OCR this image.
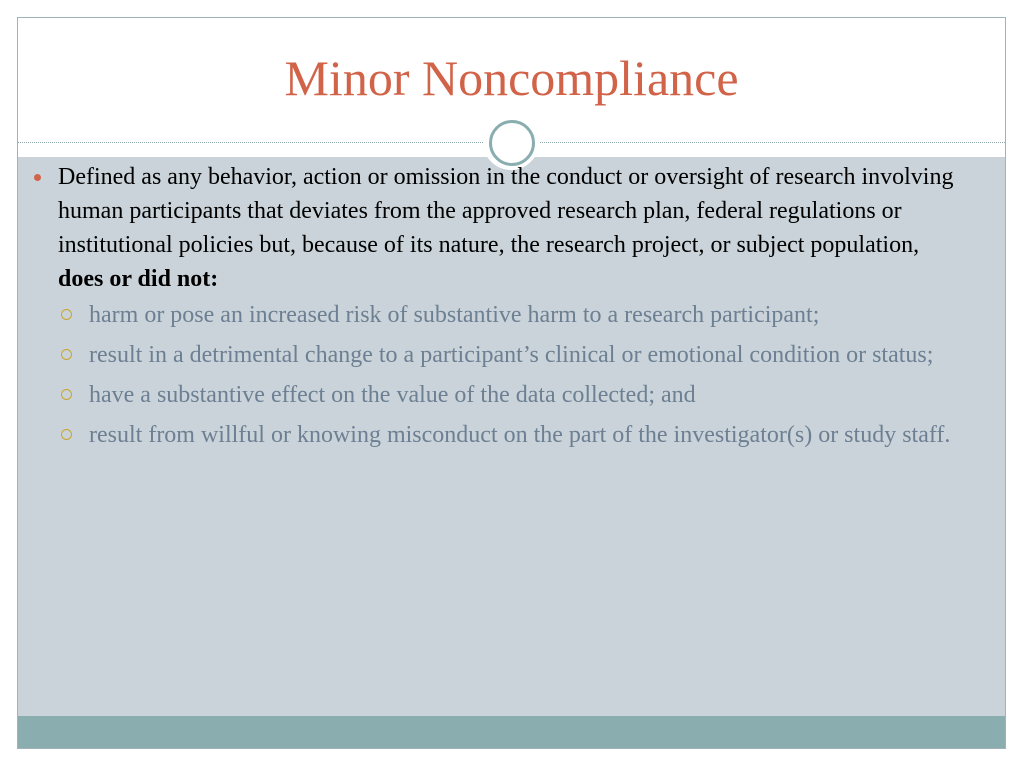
Minor Noncompliance
Defined as any behavior, action or omission in the conduct or oversight of research involving human participants that deviates from the approved research plan, federal regulations or institutional policies but, because of its nature, the research project, or subject population, does or did not:
harm or pose an increased risk of substantive harm to a research participant;
result in a detrimental change to a participant’s clinical or emotional condition or status;
have a substantive effect on the value of the data collected; and
result from willful or knowing misconduct on the part of the investigator(s) or study staff.
